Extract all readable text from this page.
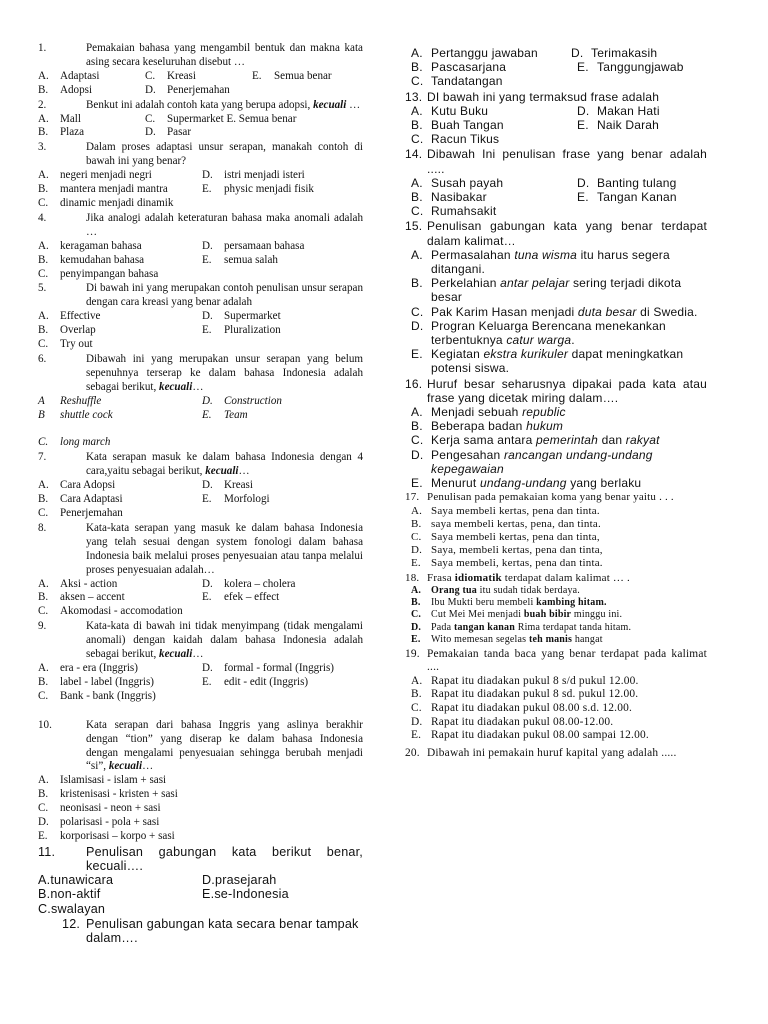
1.	Pemakaian bahasa yang mengambil bentuk dan makna kata asing secara keseluruhan disebut …
A.	Adaptasi	C.	Kreasi	E.	Semua benar
B.	Adopsi	D.	Penerjemahan
2.	Benkut ini adalah contoh kata yang berupa adopsi, kecuali …
A.	Mall	C.	Supermarket E. Semua benar
B.	Plaza	D.	Pasar
3.	Dalam proses adaptasi unsur serapan, manakah contoh di bawah ini yang benar?
A.	negeri menjadi negri	D.	istri menjadi isteri
B.	mantera menjadi mantra	E.	physic menjadi fisik
C.	dinamic menjadi dinamik
4.	Jika analogi adalah keteraturan bahasa maka anomali adalah …
A.	keragaman bahasa	D.	persamaan bahasa
B.	kemudahan bahasa	E.	semua salah
C.	penyimpangan bahasa
5.	Di bawah ini yang merupakan contoh penulisan unsur serapan dengan cara kreasi yang benar adalah
A.	Effective	D.	Supermarket
B.	Overlap	E.	Pluralization
C.	Try out
6.	Dibawah ini yang merupakan unsur serapan yang belum sepenuhnya terserap ke dalam bahasa Indonesia adalah sebagai berikut, kecuali…
A	Reshuffle	D.	Construction
B	shuttle cock	E.	Team
C.	long march
7.	Kata serapan masuk ke dalam bahasa Indonesia dengan 4 cara,yaitu sebagai berikut, kecuali…
A.	Cara Adopsi	D.	Kreasi
B.	Cara Adaptasi	E.	Morfologi
C.	Penerjemahan
8.	Kata-kata serapan yang masuk ke dalam bahasa Indonesia yang telah sesuai dengan system fonologi dalam bahasa Indonesia baik melalui proses penyesuaian atau tanpa melalui proses penyesuaian adalah…
A.	Aksi - action	D.	kolera – cholera
B.	aksen – accent	E.	efek – effect
C.	Akomodasi - accomodation
9.	Kata-kata di bawah ini tidak menyimpang (tidak mengalami anomali) dengan kaidah dalam bahasa Indonesia adalah sebagai berikut, kecuali…
A.	era - era (Inggris)	D.	formal - formal (Inggris)
B.	label - label (Inggris)	E.	edit - edit (Inggris)
C.	Bank - bank (Inggris)
10.	Kata serapan dari bahasa Inggris yang aslinya berakhir dengan “tion” yang diserap ke dalam bahasa Indonesia dengan mengalami penyesuaian sehingga berubah menjadi “si”, kecuali…
A.	Islamisasi - islam + sasi
B.	kristenisasi - kristen + sasi
C.	neonisasi - neon + sasi
D.	polarisasi - pola + sasi
E.	korporisasi – korpo + sasi
11.	Penulisan gabungan kata berikut benar, kecuali….
A.tunawicara	D.prasejarah
B.non-aktif	E.se-Indonesia
C.swalayan
12. Penulisan gabungan kata secara benar tampak dalam….
A. Pertanggu jawaban	D. Terimakasih
B. Pascasarjana	E. Tanggungjawab
C. Tandatangan
13. DI bawah ini yang termaksud frase adalah
A. Kutu Buku	D. Makan Hati
B. Buah Tangan	E. Naik Darah
C. Racun Tikus
14. Dibawah Ini penulisan frase yang benar adalah .....
A. Susah payah	D. Banting tulang
B. Nasibakar	E. Tangan Kanan
C. Rumahsakit
15. Penulisan gabungan kata yang benar terdapat dalam kalimat…
A. Permasalahan tuna wisma itu harus segera ditangani.
B. Perkelahian antar pelajar sering terjadi dikota besar
C. Pak Karim Hasan menjadi duta besar di Swedia.
D. Progran Keluarga Berencana menekankan terbentuknya catur warga.
E. Kegiatan ekstra kurikuler dapat meningkatkan potensi siswa.
16. Huruf besar seharusnya dipakai pada kata atau frase yang dicetak miring dalam….
A. Menjadi sebuah republic
B. Beberapa badan hukum
C. Kerja sama antara pemerintah dan rakyat
D. Pengesahan rancangan undang-undang kepegawaian
E. Menurut undang-undang yang berlaku
17. Penulisan pada pemakaian koma yang benar yaitu . . .
A. Saya membeli kertas, pena dan tinta.
B. saya membeli kertas, pena, dan tinta.
C. Saya membeli kertas, pena dan tinta,
D. Saya, membeli kertas, pena dan tinta,
E. Saya membeli, kertas, pena dan tinta.
18. Frasa idiomatik terdapat dalam kalimat … .
A. Orang tua itu sudah tidak berdaya.
B.	Ibu Mukti beru membeli kambing hitam.
C. Cut Mei Mei menjadi buah bibir minggu ini.
D. Pada tangan kanan Rima terdapat tanda hitam.
E.	Wito memesan segelas teh manis hangat
19. Pemakaian tanda baca yang benar terdapat pada kalimat ....
A. Rapat itu diadakan pukul 8 s/d pukul 12.00.
B. Rapat itu diadakan pukul 8 sd. pukul 12.00.
C. Rapat itu diadakan pukul 08.00 s.d. 12.00.
D. Rapat itu diadakan pukul 08.00-12.00.
E. Rapat itu diadakan pukul 08.00 sampai 12.00.
20. Dibawah ini pemakain huruf kapital yang adalah .....
